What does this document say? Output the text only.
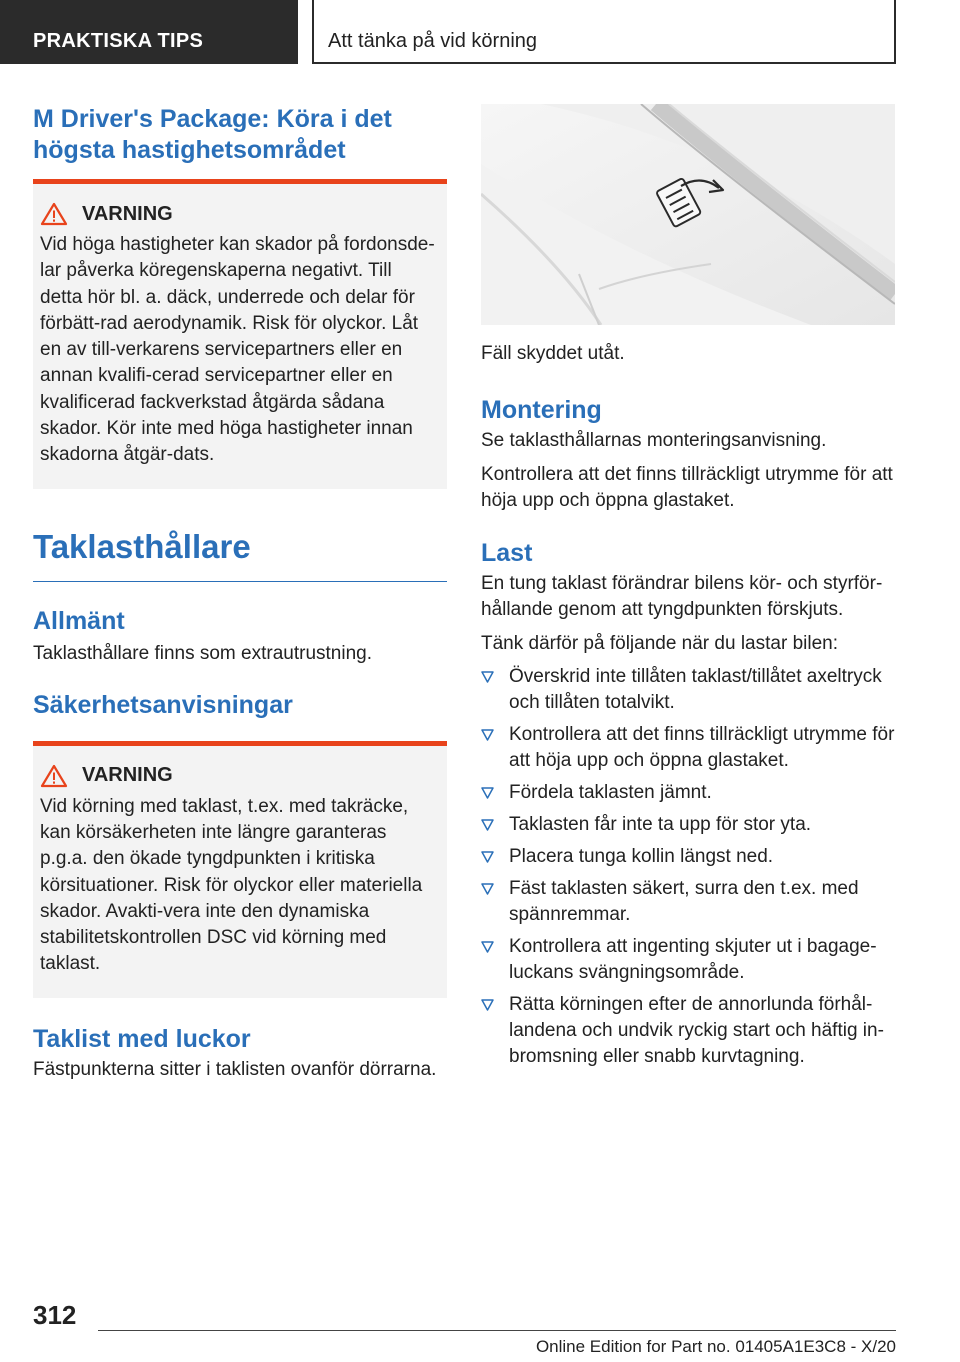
PRAKTISKA TIPS	Att tänka på vid körning
M Driver's Package: Köra i det högsta hastighetsområdet
VARNING

Vid höga hastigheter kan skador på fordonsde-lar påverka köregenskaperna negativt. Till detta hör bl. a. däck, underrede och delar för förbätt-rad aerodynamik. Risk för olyckor. Låt en av till-verkarens servicepartners eller en annan kvalifi-cerad servicepartner eller en kvalificerad fackverkstad åtgärda sådana skador. Kör inte med höga hastigheter innan skadorna åtgär-dats.

Taklasthållare
Allmänt

Taklasthållare finns som extrautrustning.

Säkerhetsanvisningar
VARNING

Vid körning med taklast, t.ex. med takräcke, kan körsäkerheten inte längre garanteras p.g.a. den ökade tyngdpunkten i kritiska körsituationer. Risk för olyckor eller materiella skador. Avakti-vera inte den dynamiska stabilitetskontrollen DSC vid körning med taklast.

Taklist med luckor

Fästpunkterna sitter i taklisten ovanför dörrarna.

Fäll skyddet utåt.

Montering

Se taklasthållarnas monteringsanvisning.

Kontrollera att det finns tillräckligt utrymme för att höja upp och öppna glastaket.

Last

En tung taklast förändrar bilens kör- och styrför-hållande genom att tyngdpunkten förskjuts.

Tänk därför på följande när du lastar bilen:

Överskrid inte tillåten taklast/tillåtet axeltryck och tillåten totalvikt.
Kontrollera att det finns tillräckligt utrymme för att höja upp och öppna glastaket.
Fördela taklasten jämnt.
Taklasten får inte ta upp för stor yta.
Placera tunga kollin längst ned.
Fäst taklasten säkert, surra den t.ex. med spännremmar.
Kontrollera att ingenting skjuter ut i bagage-luckans svängningsområde.
Rätta körningen efter de annorlunda förhål-landena och undvik ryckig start och häftig in-bromsning eller snabb kurvtagning.
312
Online Edition for Part no. 01405A1E3C8 - X/20
